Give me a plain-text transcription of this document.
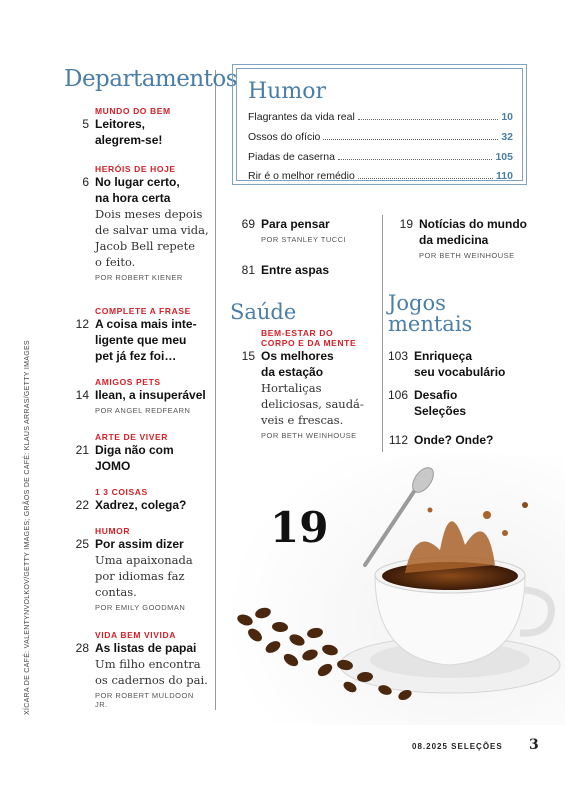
XÍCARA DE CAFÉ: VALENTYNVOLKOV/GETTY IMAGES; GRÃOS DE CAFÉ: KLAUS ARRAS/GETTY IMAGES
Departamentos
MUNDO DO BEM
5 Leitores,
alegrem-se!
HERÓIS DE HOJE
6 No lugar certo,
na hora certa
Dois meses depois
de salvar uma vida,
Jacob Bell repete
o feito.
POR ROBERT KIENER
COMPLETE A FRASE
12 A coisa mais inte-
ligente que meu
pet já fez foi…
AMIGOS PETS
14 Ilean, a insuperável
POR ANGEL REDFEARN
ARTE DE VIVER
21 Diga não com
JOMO
1 3 COISAS
22 Xadrez, colega?
HUMOR
25 Por assim dizer
Uma apaixonada
por idiomas faz
contas.
POR EMILY GOODMAN
VIDA BEM VIVIDA
28 As listas de papai
Um filho encontra
os cadernos do pai.
POR ROBERT MULDOON JR.
Humor
Flagrantes da vida real	10
Ossos do ofício	32
Piadas de caserna	105
Rir é o melhor remédio	110
69 Para pensar
POR STANLEY TUCCI
81 Entre aspas
Saúde
BEM-ESTAR DO
CORPO E DA MENTE
15 Os melhores
da estação
Hortaliças
deliciosas, saudá-
veis e frescas.
POR BETH WEINHOUSE
19 Notícias do mundo
da medicina
POR BETH WEINHOUSE
Jogos
mentais
103 Enriqueça
seu vocabulário
106 Desafio
Seleções
112 Onde? Onde?
19
08.2025 SELEÇÕES 3
